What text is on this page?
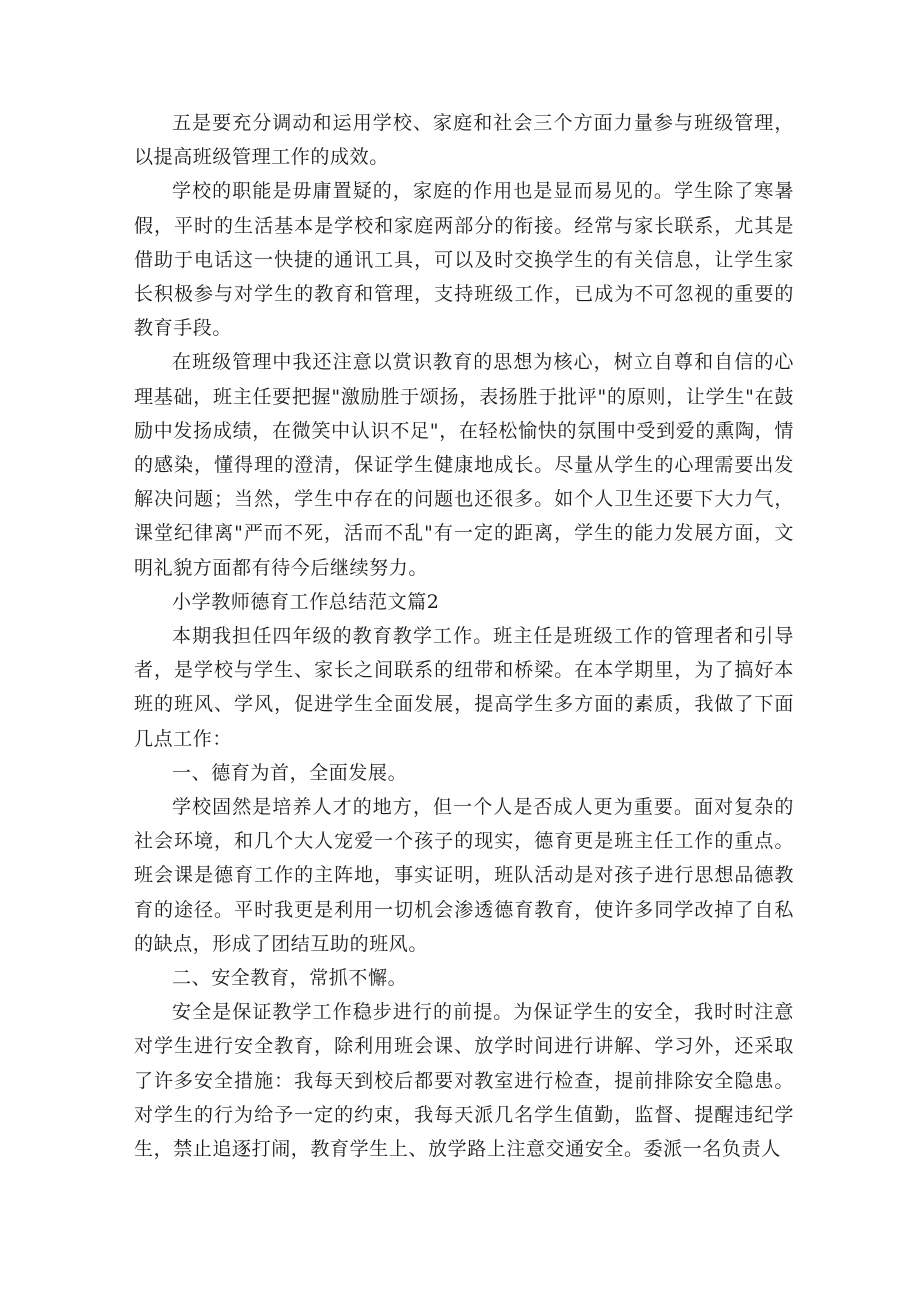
五是要充分调动和运用学校、家庭和社会三个方面力量参与班级管理，以提高班级管理工作的成效。

学校的职能是毋庸置疑的，家庭的作用也是显而易见的。学生除了寒暑假，平时的生活基本是学校和家庭两部分的衔接。经常与家长联系，尤其是借助于电话这一快捷的通讯工具，可以及时交换学生的有关信息，让学生家长积极参与对学生的教育和管理，支持班级工作，已成为不可忽视的重要的教育手段。

在班级管理中我还注意以赏识教育的思想为核心，树立自尊和自信的心理基础，班主任要把握"激励胜于颂扬，表扬胜于批评"的原则，让学生"在鼓励中发扬成绩，在微笑中认识不足"，在轻松愉快的氛围中受到爱的熏陶，情的感染，懂得理的澄清，保证学生健康地成长。尽量从学生的心理需要出发解决问题；当然，学生中存在的问题也还很多。如个人卫生还要下大力气，课堂纪律离"严而不死，活而不乱"有一定的距离，学生的能力发展方面，文明礼貌方面都有待今后继续努力。

小学教师德育工作总结范文篇2

本期我担任四年级的教育教学工作。班主任是班级工作的管理者和引导者，是学校与学生、家长之间联系的纽带和桥梁。在本学期里，为了搞好本班的班风、学风，促进学生全面发展，提高学生多方面的素质，我做了下面几点工作：

一、德育为首，全面发展。

学校固然是培养人才的地方，但一个人是否成人更为重要。面对复杂的社会环境，和几个大人宠爱一个孩子的现实，德育更是班主任工作的重点。班会课是德育工作的主阵地，事实证明，班队活动是对孩子进行思想品德教育的途径。平时我更是利用一切机会渗透德育教育，使许多同学改掉了自私的缺点，形成了团结互助的班风。

二、安全教育，常抓不懈。

安全是保证教学工作稳步进行的前提。为保证学生的安全，我时时注意对学生进行安全教育，除利用班会课、放学时间进行讲解、学习外，还采取了许多安全措施：我每天到校后都要对教室进行检查，提前排除安全隐患。对学生的行为给予一定的约束，我每天派几名学生值勤，监督、提醒违纪学生，禁止追逐打闹，教育学生上、放学路上注意交通安全。委派一名负责人
